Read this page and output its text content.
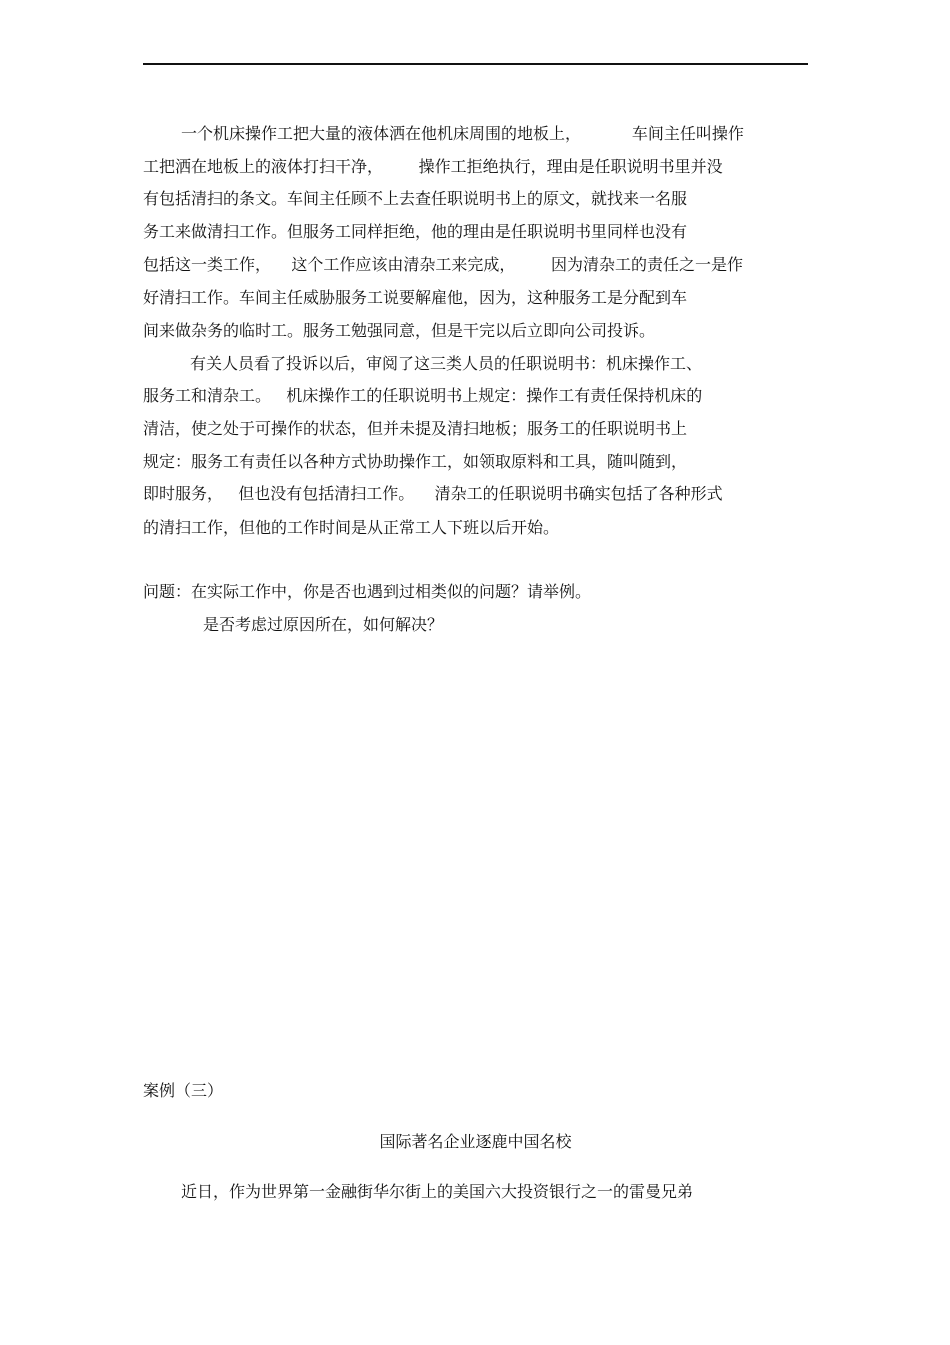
一个机床操作工把大量的液体洒在他机床周围的地板上，          车间主任叫操作
工把洒在地板上的液体打扫干净，       操作工拒绝执行，理由是任职说明书里并没
有包括清扫的条文。车间主任顾不上去查任职说明书上的原文，就找来一名服
务工来做清扫工作。但服务工同样拒绝，他的理由是任职说明书里同样也没有
包括这一类工作，    这个工作应该由清杂工来完成，       因为清杂工的责任之一是作
好清扫工作。车间主任威胁服务工说要解雇他，因为，这种服务工是分配到车
间来做杂务的临时工。服务工勉强同意，但是干完以后立即向公司投诉。
有关人员看了投诉以后，审阅了这三类人员的任职说明书：机床操作工、
服务工和清杂工。   机床操作工的任职说明书上规定：操作工有责任保持机床的
清洁，使之处于可操作的状态，但并未提及清扫地板；服务工的任职说明书上
规定：服务工有责任以各种方式协助操作工，如领取原料和工具，随叫随到，
即时服务，   但也没有包括清扫工作。    清杂工的任职说明书确实包括了各种形式
的清扫工作，但他的工作时间是从正常工人下班以后开始。
问题：在实际工作中，你是否也遇到过相类似的问题？请举例。
是否考虑过原因所在，如何解决？
案例（三）
国际著名企业逐鹿中国名校
近日，作为世界第一金融街华尔街上的美国六大投资银行之一的雷曼兄弟
